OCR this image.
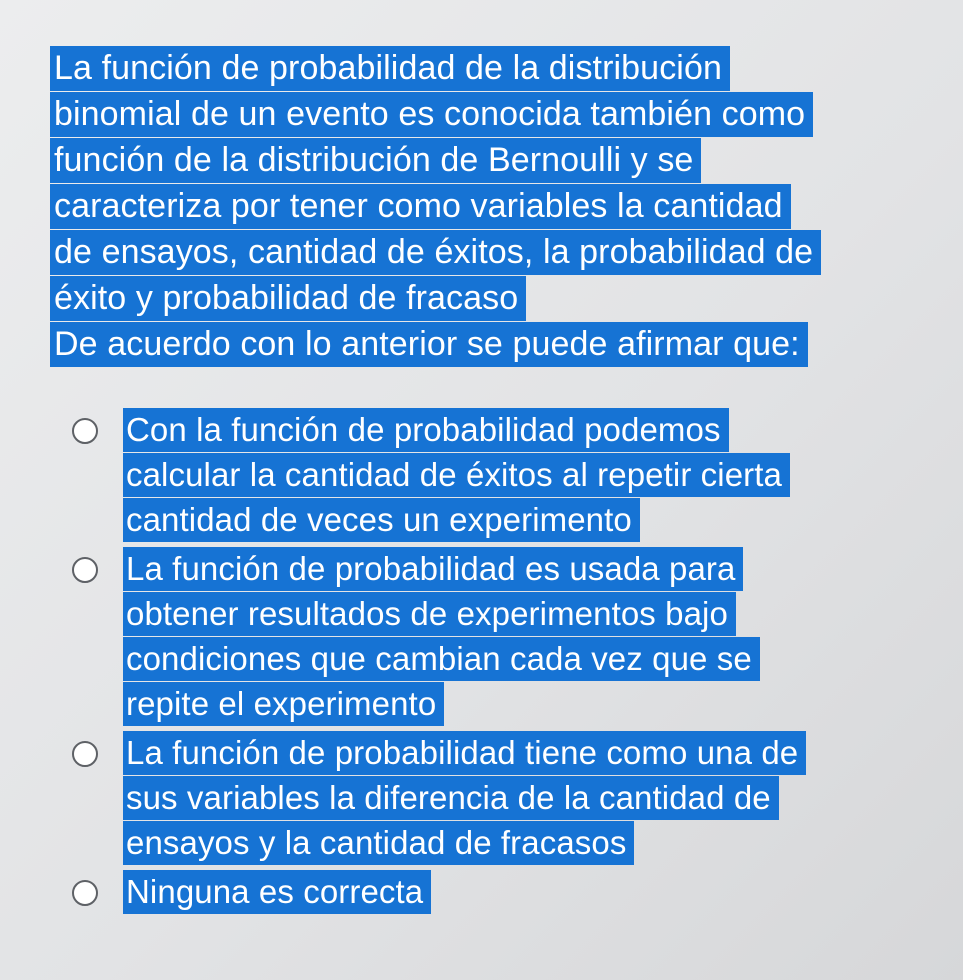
La función de probabilidad de la distribución
binomial de un evento es conocida también como
función de la distribución de Bernoulli y se
caracteriza por tener como variables la cantidad
de ensayos, cantidad de éxitos, la probabilidad de
éxito y probabilidad de fracaso
De acuerdo con lo anterior se puede afirmar que:
Con la función de probabilidad podemos
calcular la cantidad de éxitos al repetir cierta
cantidad de veces un experimento
La función de probabilidad es usada para
obtener resultados de experimentos bajo
condiciones que cambian cada vez que se
repite el experimento
La función de probabilidad tiene como una de
sus variables la diferencia de la cantidad de
ensayos y la cantidad de fracasos
Ninguna es correcta
